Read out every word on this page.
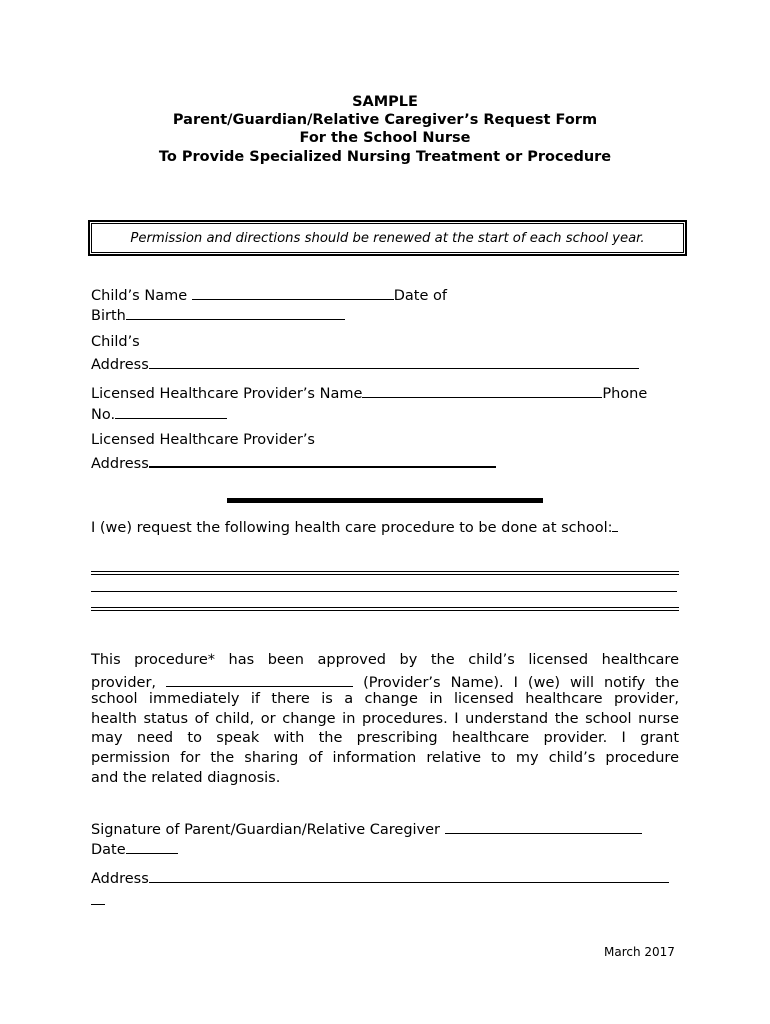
SAMPLE
Parent/Guardian/Relative Caregiver’s Request Form
For the School Nurse
To Provide Specialized Nursing Treatment or Procedure
Permission and directions should be renewed at the start of each school year.
Child’s Name	Date of
Birth
Child’s
Address
Licensed Healthcare Provider’s Name	Phone
No.
Licensed Healthcare Provider’s
Address
I (we) request the following health care procedure to be done at school:
This procedure* has been approved by the child’s licensed healthcare
provider,	(Provider’s Name). I (we) will notify the
school immediately if there is a change in licensed healthcare provider,
health status of child, or change in procedures. I understand the school nurse
may need to speak with the prescribing healthcare provider. I grant
permission for the sharing of information relative to my child’s procedure
and the related diagnosis.
Signature of Parent/Guardian/Relative Caregiver
Date
Address
March 2017
